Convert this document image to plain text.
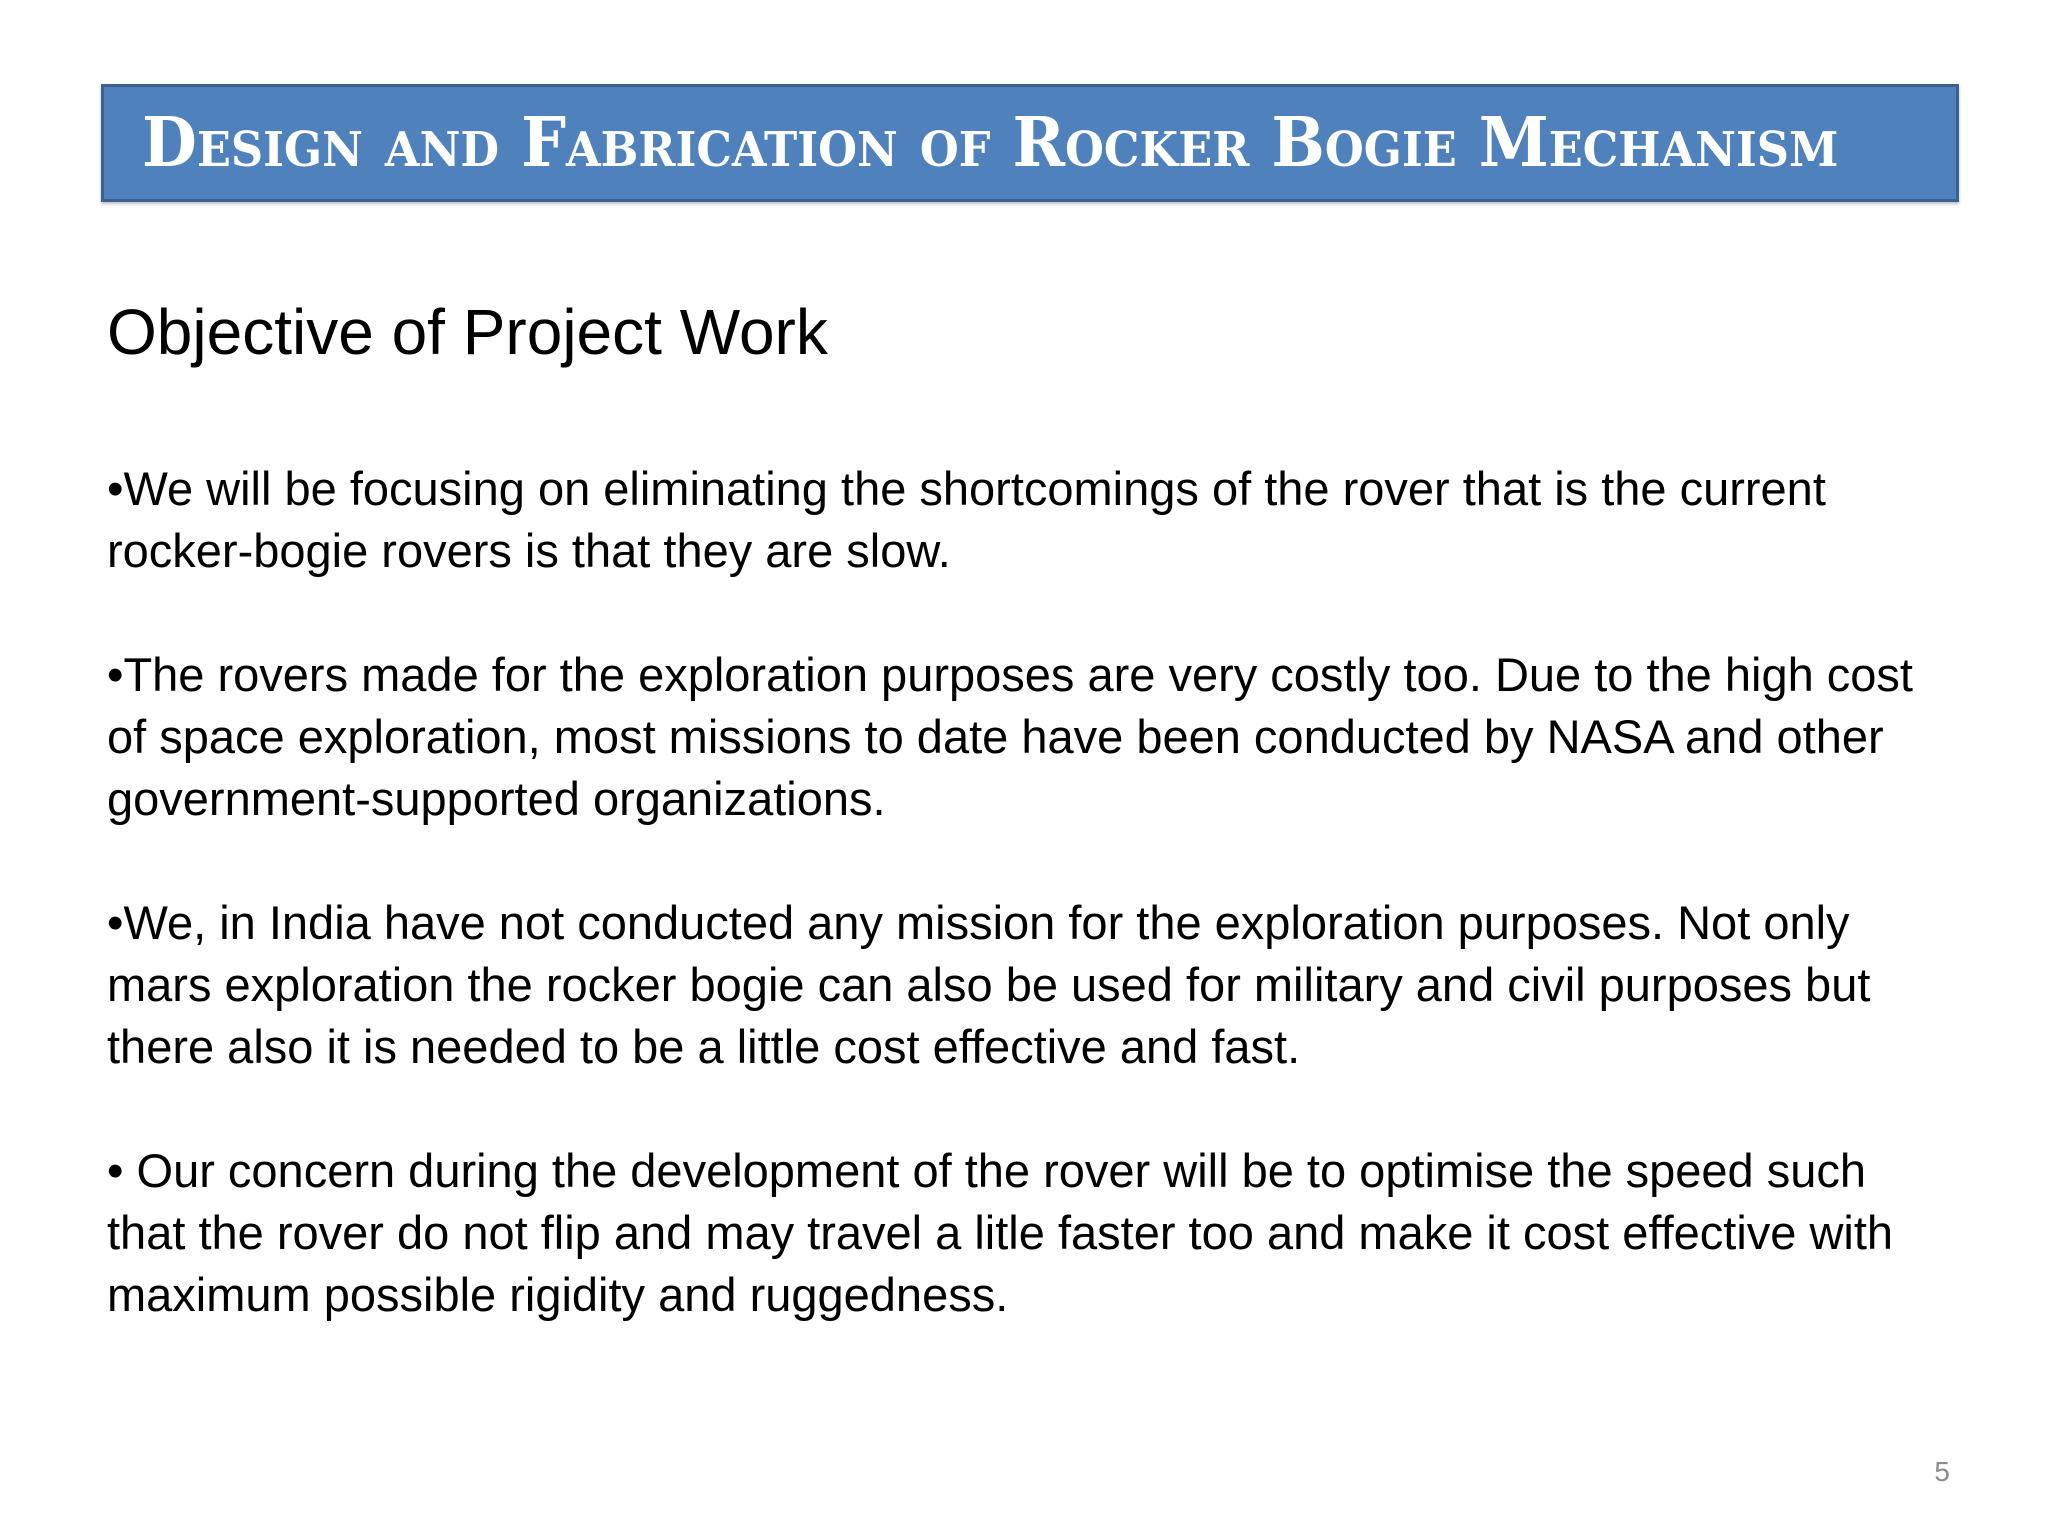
Design and Fabrication of Rocker Bogie Mechanism
Objective of Project Work

•We will be focusing on eliminating the shortcomings of the rover that is the current rocker-bogie rovers is that they are slow.

•The rovers made for the exploration purposes are very costly too. Due to the high cost of space exploration, most missions to date have been conducted by NASA and other government-supported organizations.

•We, in India have not conducted any mission for the exploration purposes. Not only mars exploration the rocker bogie can also be used for military and civil purposes but there also it is needed to be a little cost effective and fast.

• Our concern during the development of the rover will be to optimise the speed such that the rover do not flip and may travel a litle faster too and make it cost effective with maximum possible rigidity and ruggedness.

5
